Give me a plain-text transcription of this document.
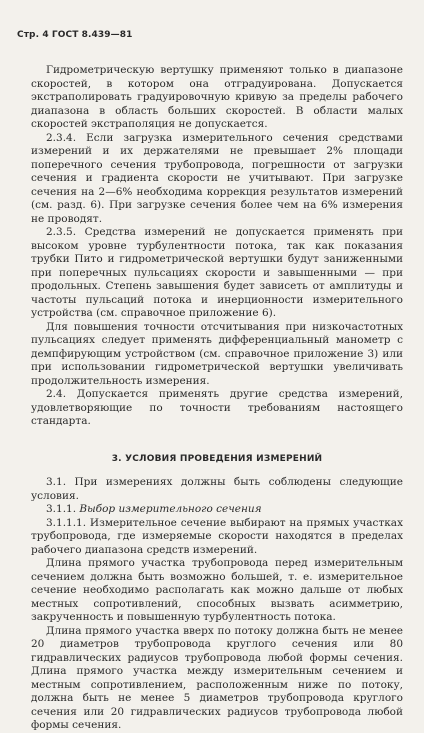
Стр. 4 ГОСТ 8.439—81

Гидрометрическую вертушку применяют только в диапазоне скоростей, в котором она отградуирована. Допускается экстраполировать градуировочную кривую за пределы рабочего диапазона в область больших скоростей. В области малых скоростей экстраполяция не допускается.

2.3.4. Если загрузка измерительного сечения средствами измерений и их держателями не превышает 2% площади поперечного сечения трубопровода, погрешности от загрузки сечения и градиента скорости не учитывают. При загрузке сечения на 2—6% необходима коррекция результатов измерений (см. разд. 6). При загрузке сечения более чем на 6% измерения не проводят.

2.3.5. Средства измерений не допускается применять при высоком уровне турбулентности потока, так как показания трубки Пито и гидрометрической вертушки будут заниженными при поперечных пульсациях скорости и завышенными — при продольных. Степень завышения будет зависеть от амплитуды и частоты пульсаций потока и инерционности измерительного устройства (см. справочное приложение 6).

Для повышения точности отсчитывания при низкочастотных пульсациях следует применять дифференциальный манометр с демпфирующим устройством (см. справочное приложение 3) или при использовании гидрометрической вертушки увеличивать продолжительность измерения.

2.4. Допускается применять другие средства измерений, удовлетворяющие по точности требованиям настоящего стандарта.

3. УСЛОВИЯ ПРОВЕДЕНИЯ ИЗМЕРЕНИЙ

3.1. При измерениях должны быть соблюдены следующие условия.

3.1.1. Выбор измерительного сечения

3.1.1.1. Измерительное сечение выбирают на прямых участках трубопровода, где измеряемые скорости находятся в пределах рабочего диапазона средств измерений.

Длина прямого участка трубопровода перед измерительным сечением должна быть возможно большей, т. е. измерительное сечение необходимо располагать как можно дальше от любых местных сопротивлений, способных вызвать асимметрию, закрученность и повышенную турбулентность потока.

Длина прямого участка вверх по потоку должна быть не менее 20 диаметров трубопровода круглого сечения или 80 гидравлических радиусов трубопровода любой формы сечения. Длина прямого участка между измерительным сечением и местным сопротивлением, расположенным ниже по потоку, должна быть не менее 5 диаметров трубопровода круглого сечения или 20 гидравлических радиусов трубопровода любой формы сечения.
